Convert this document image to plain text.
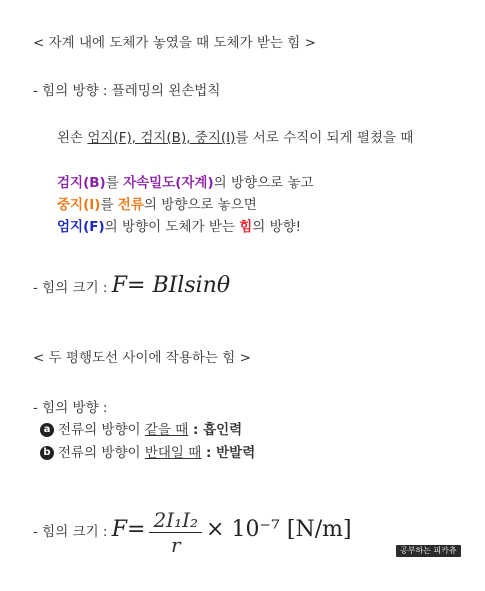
< 자계 내에 도체가 놓였을 때 도체가 받는 힘 >
- 힘의 방향 : 플레밍의 왼손법칙
왼손 엄지(F), 검지(B), 중지(I)를 서로 수직이 되게 펼쳤을 때
검지(B)를 자속밀도(자계)의 방향으로 놓고
중지(I)를 전류의 방향으로 놓으면
엄지(F)의 방향이 도체가 받는 힘의 방향!
- 힘의 크기 : F= BIlsinθ
< 두 평행도선 사이에 작용하는 힘 >
- 힘의 방향 :
a 전류의 방향이 같을 때 : 흡인력
b 전류의 방향이 반대일 때 : 반발력
- 힘의 크기 : $F= \frac{\text{2I₁I₂}}{r} \times 10^{-7}$ [N/m]
공부하는 피카츄
